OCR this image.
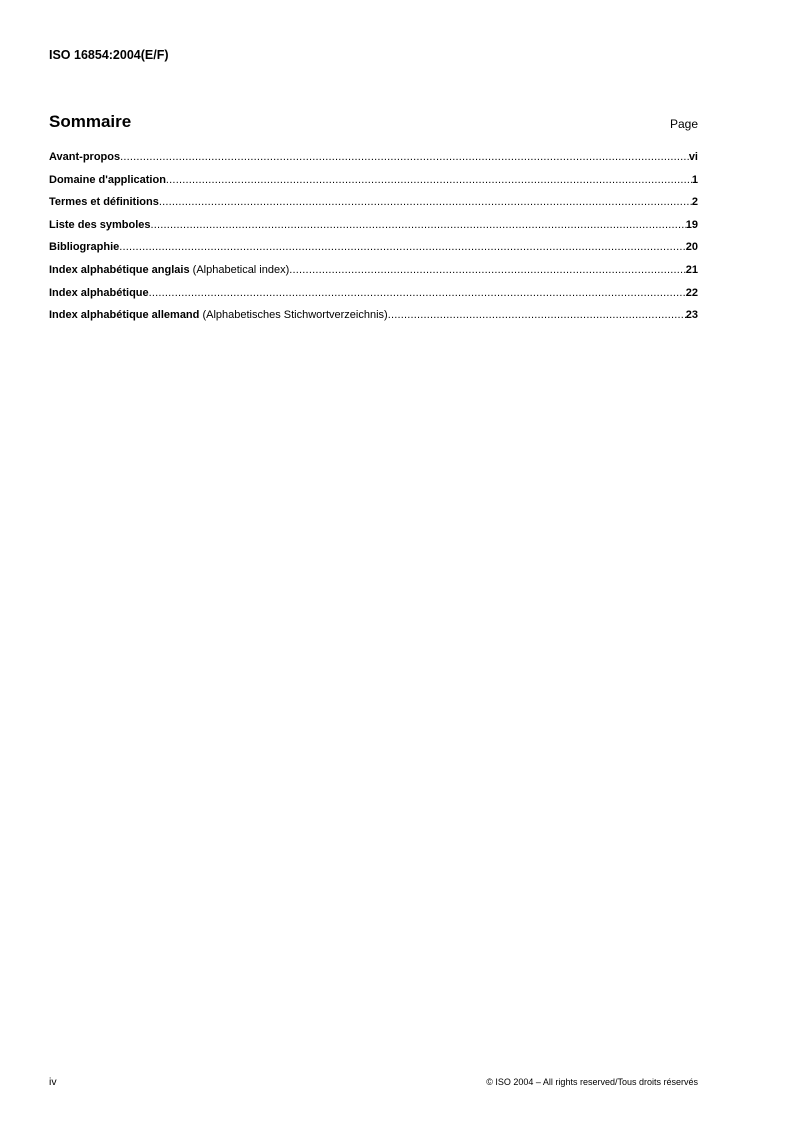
ISO 16854:2004(E/F)
Sommaire	Page
Avant-propos .....	vi
Domaine d'application .....	1
Termes et définitions .....	2
Liste des symboles .....	19
Bibliographie .....	20
Index alphabétique anglais (Alphabetical index) .....	21
Index alphabétique .....	22
Index alphabétique allemand (Alphabetisches Stichwortverzeichnis) .....	23
iv	© ISO 2004 – All rights reserved/Tous droits réservés
